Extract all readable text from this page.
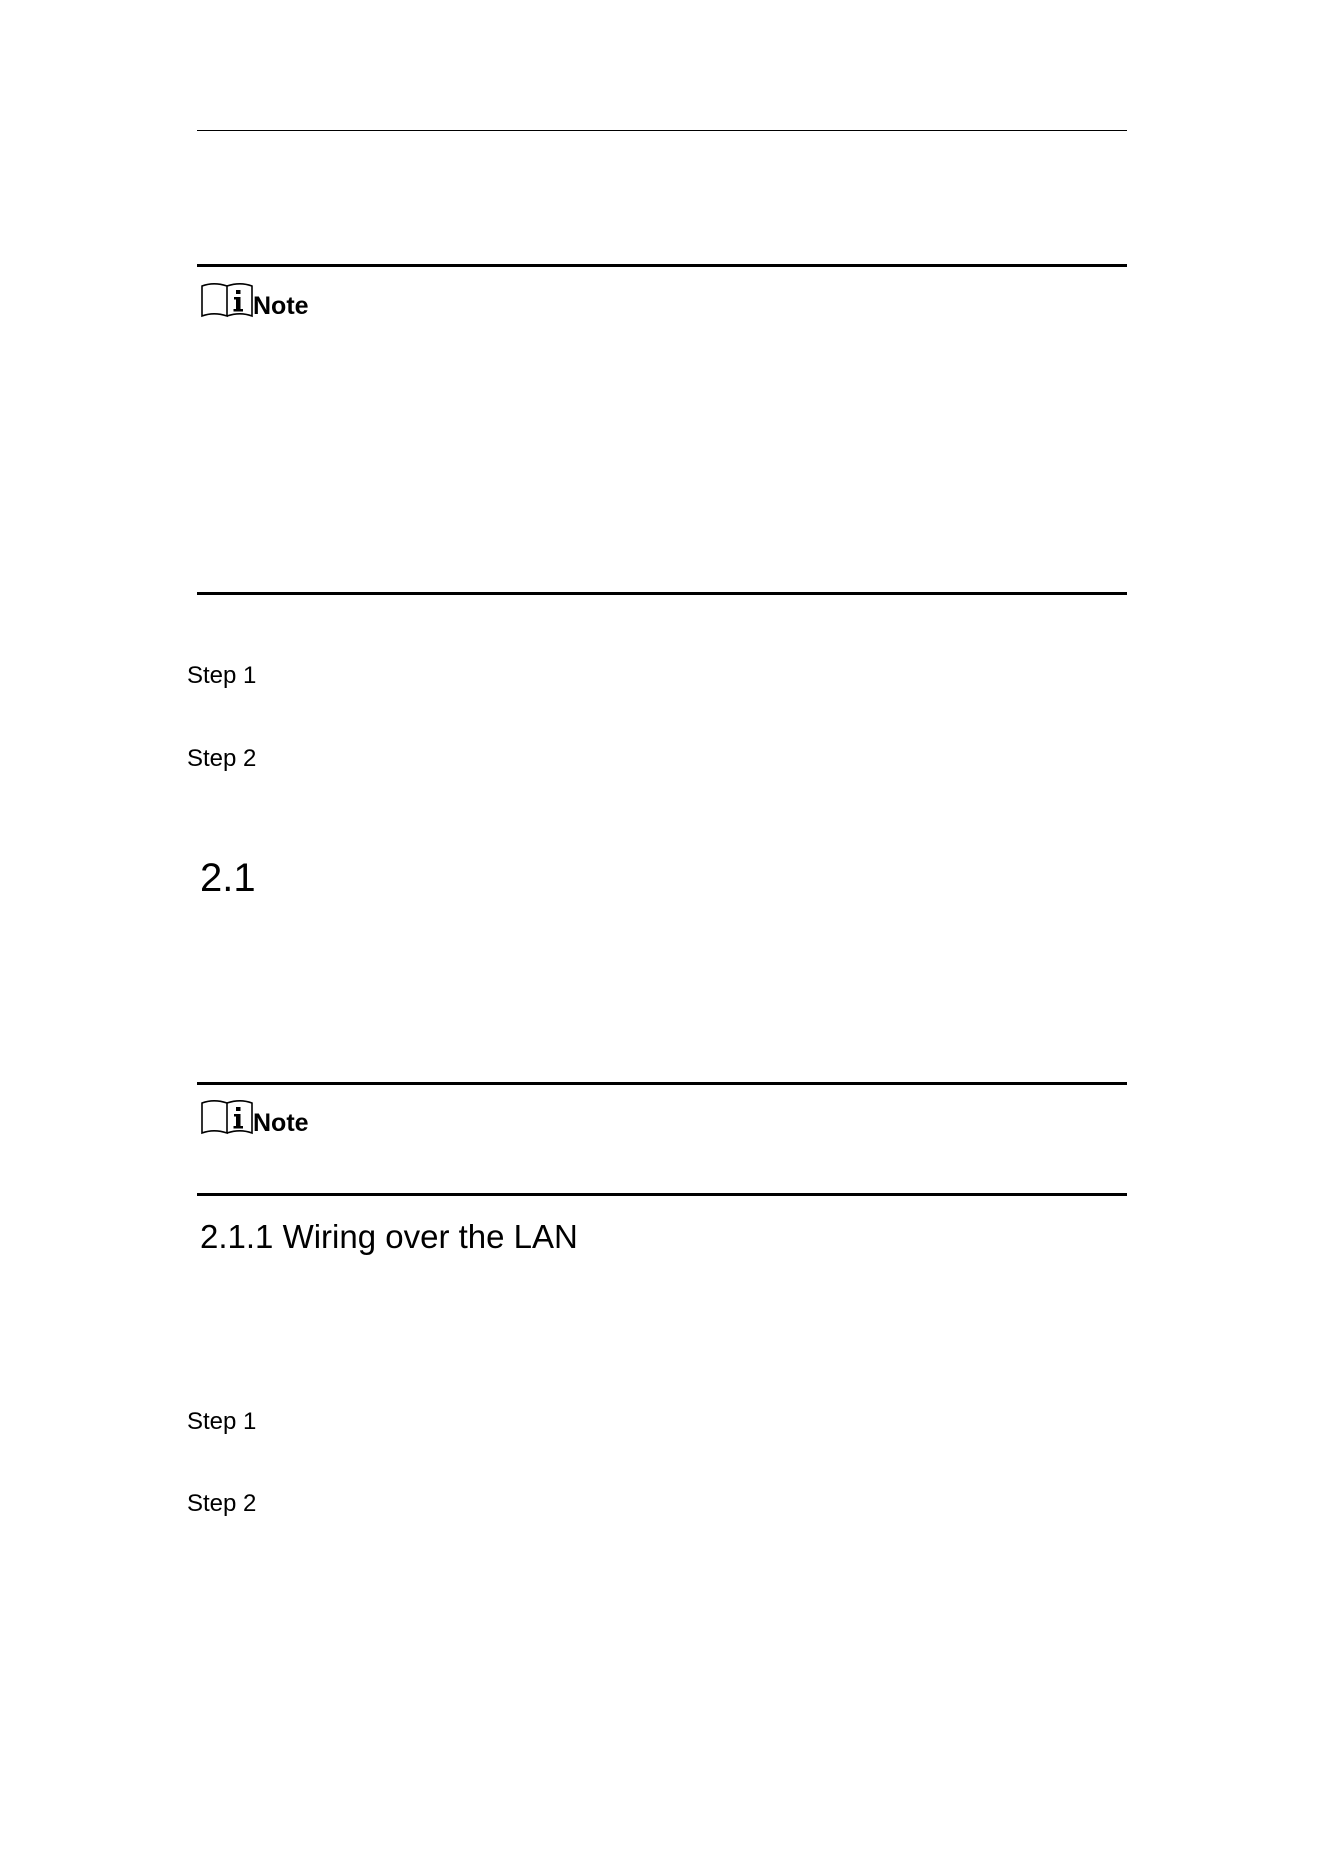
Note
Step 1
Step 2
2.1
Note
2.1.1 Wiring over the LAN
Step 1
Step 2
